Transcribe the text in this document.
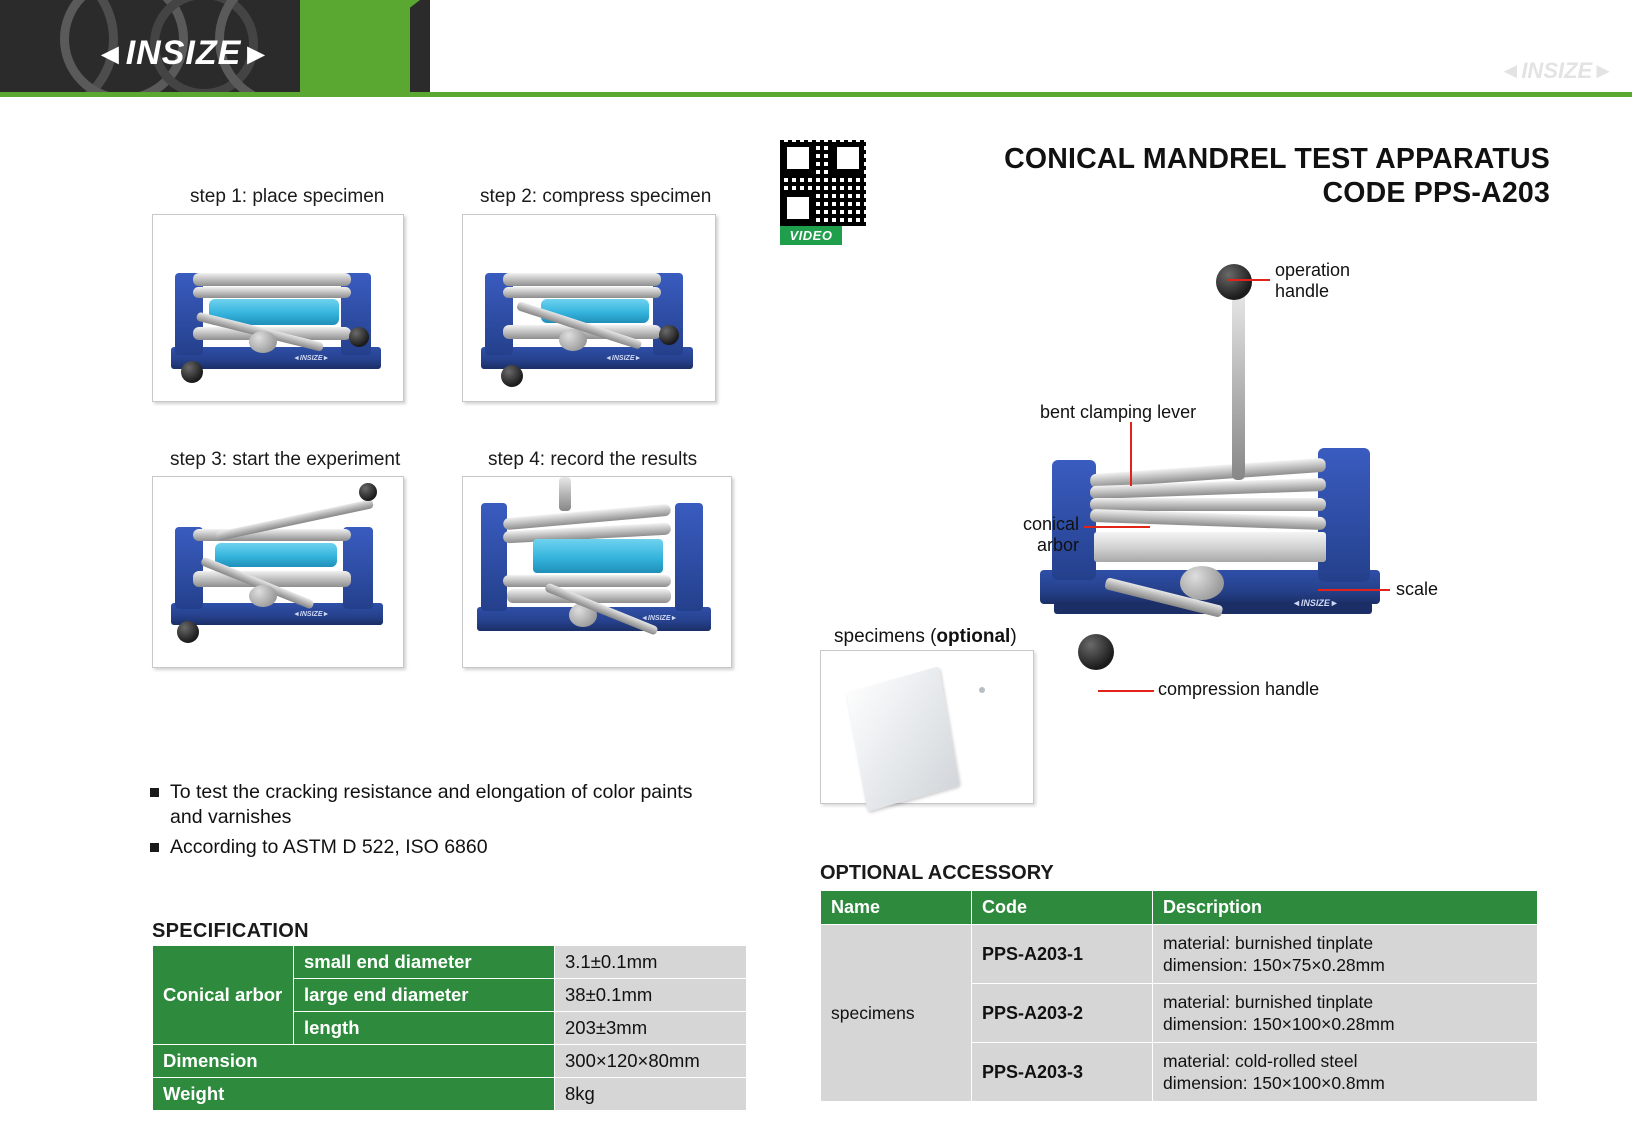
◄INSIZE►	◄INSIZE►
step 1: place specimen
◄INSIZE►
step 2: compress specimen
◄INSIZE►
step 3: start the experiment
◄INSIZE►
step 4: record the results
◄INSIZE►
To test the cracking resistance and elongation of color paints and varnishes
According to ASTM D 522, ISO 6860
SPECIFICATION
Conical arbor	small end diameter	3.1±0.1mm
	large end diameter	38±0.1mm
	length	203±3mm
Dimension		300×120×80mm
Weight		8kg
VIDEO
CONICAL MANDREL TEST APPARATUS
CODE PPS-A203
◄INSIZE►
operation
handle
bent clamping lever
conical
arbor
scale
compression handle
specimens (optional)
OPTIONAL ACCESSORY
Name	Code	Description
specimens	PPS-A203-1	material: burnished tinplate
dimension: 150×75×0.28mm

	PPS-A203-2	material: burnished tinplate
dimension: 150×100×0.28mm

	PPS-A203-3	material: cold-rolled steel
dimension: 150×100×0.8mm
